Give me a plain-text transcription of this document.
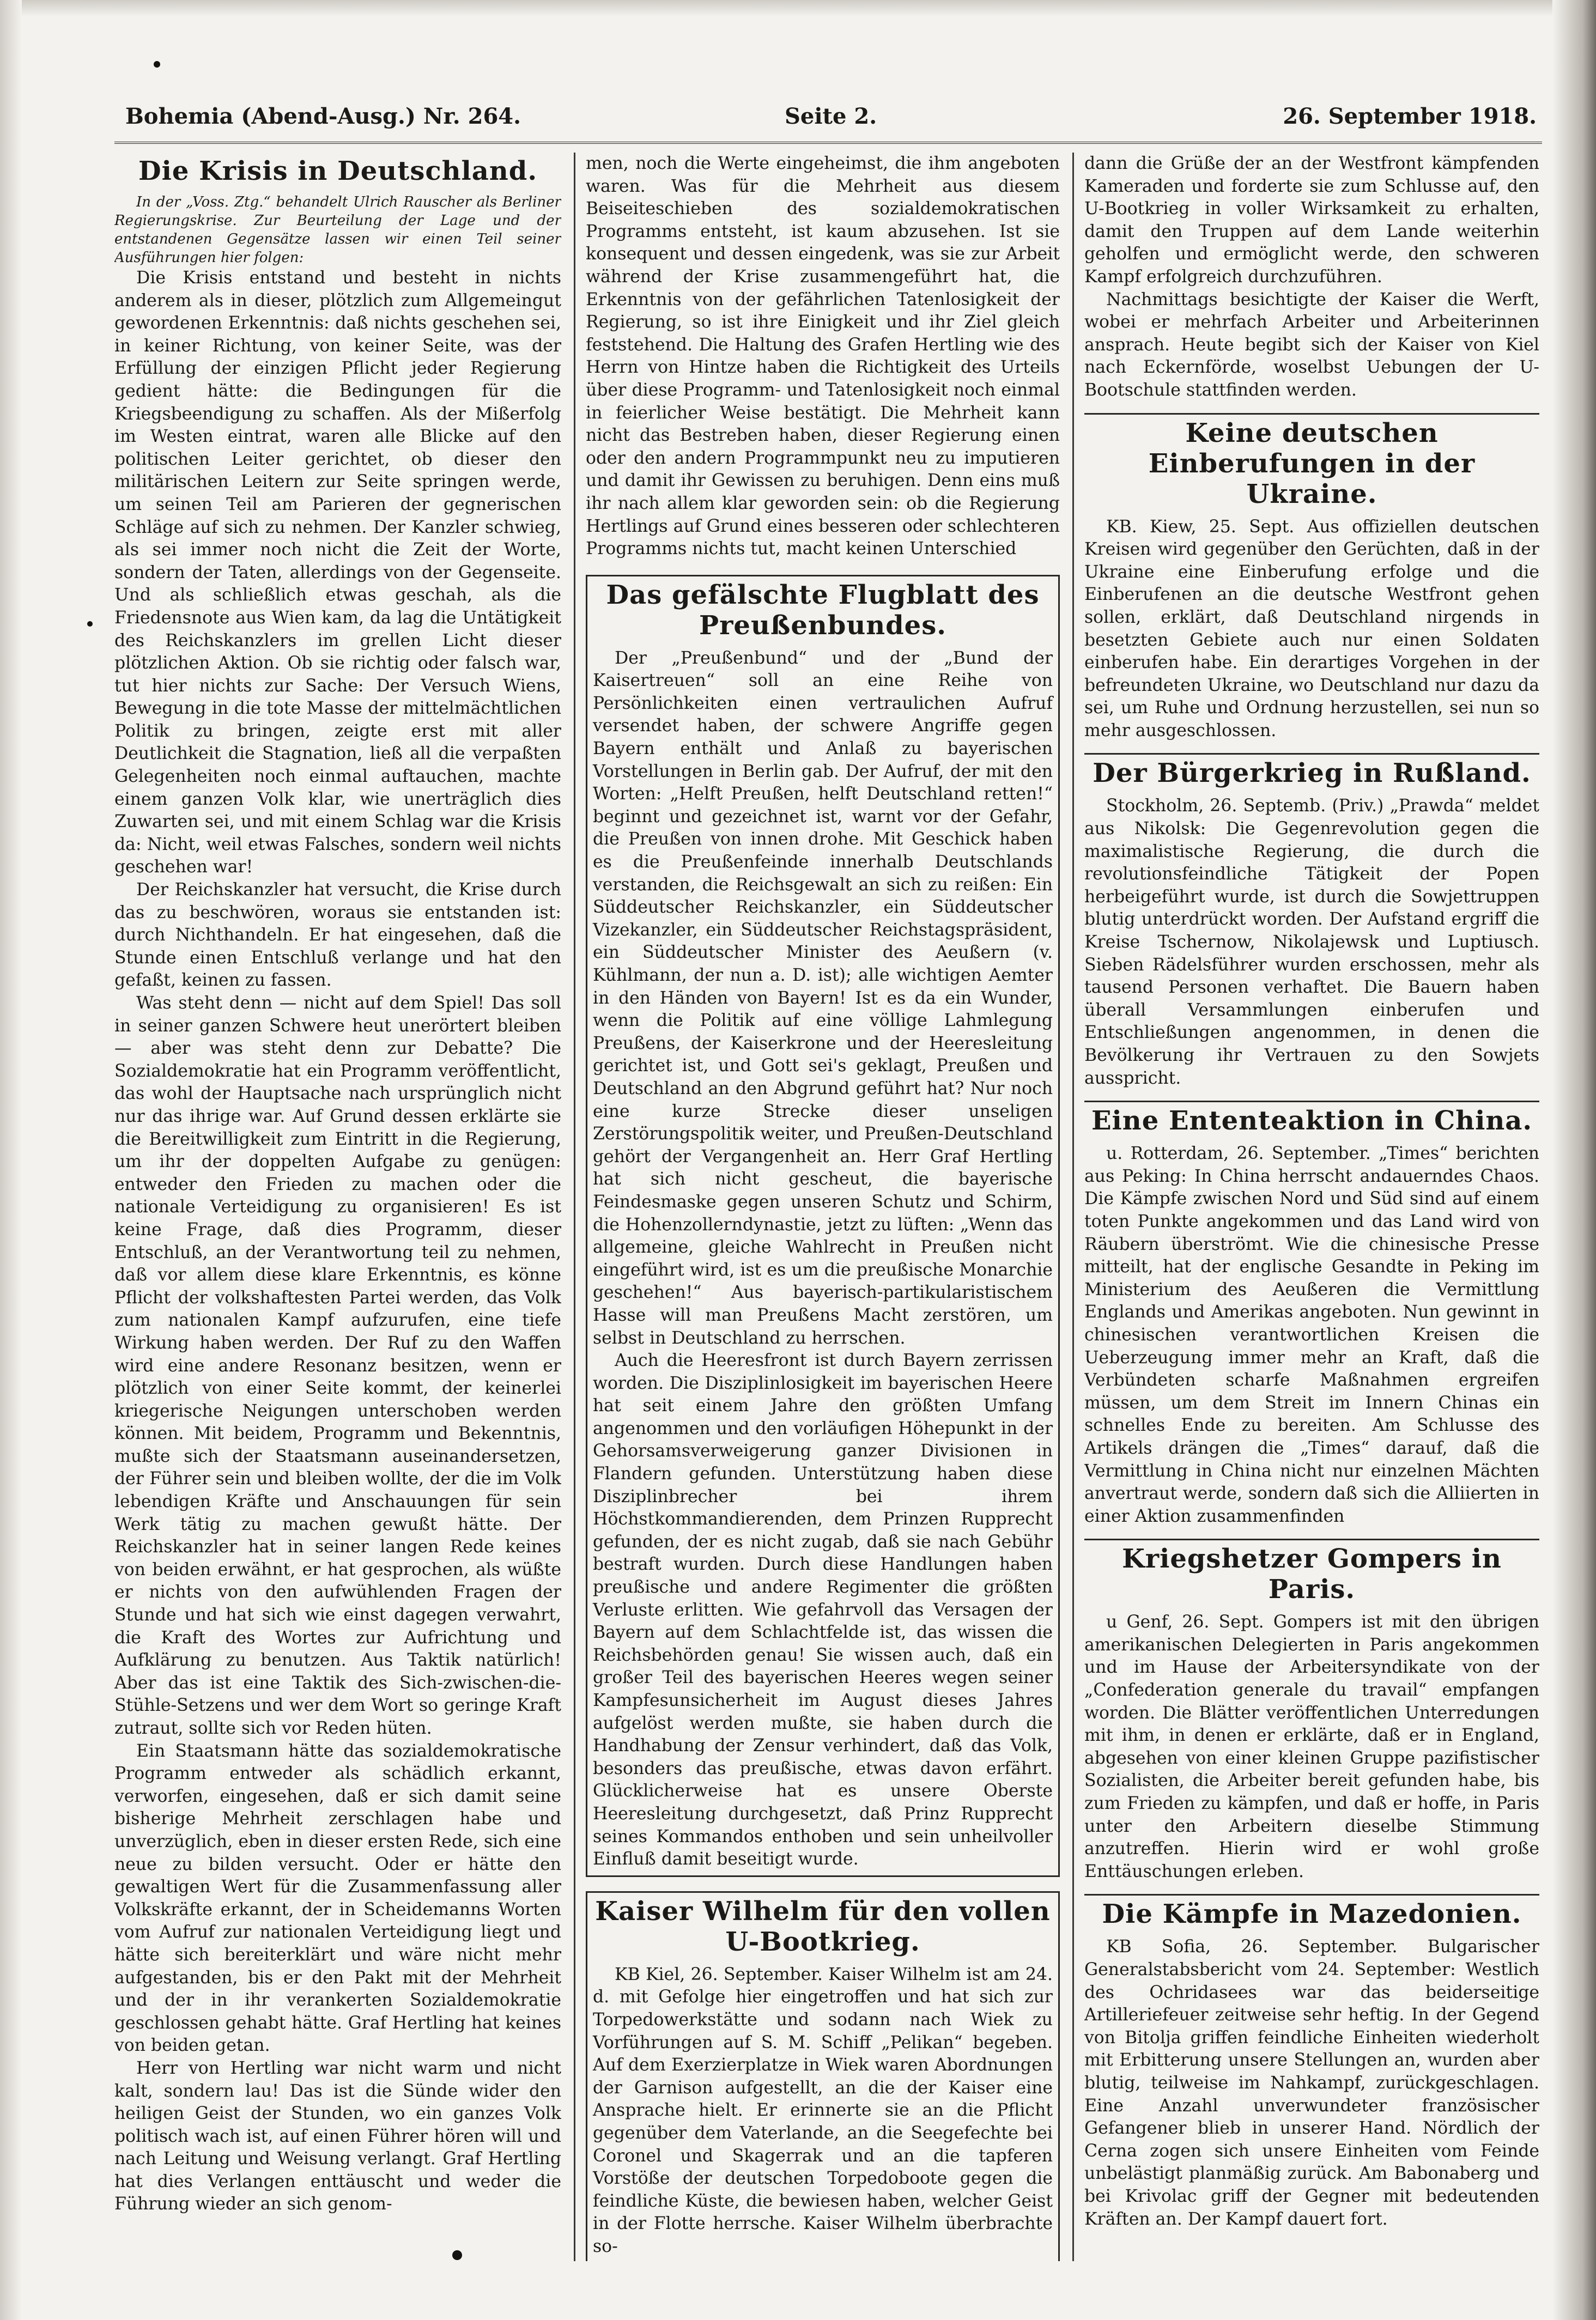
Bohemia (Abend-Ausg.) Nr. 264.	Seite 2.	26. September 1918.
Die Krisis in Deutschland.

In der „Voss. Ztg.“ behandelt Ulrich Rauscher als Berliner Regierungskrise. Zur Beurteilung der Lage und der entstandenen Gegensätze lassen wir einen Teil seiner Ausführungen hier folgen:

Die Krisis entstand und besteht in nichts anderem als in dieser, plötzlich zum Allgemeingut gewordenen Erkenntnis: daß nichts geschehen sei, in keiner Richtung, von keiner Seite, was der Erfüllung der einzigen Pflicht jeder Regierung gedient hätte: die Bedingungen für die Kriegsbeendigung zu schaffen. Als der Mißerfolg im Westen eintrat, waren alle Blicke auf den politischen Leiter gerichtet, ob dieser den militärischen Leitern zur Seite springen werde, um seinen Teil am Parieren der gegnerischen Schläge auf sich zu nehmen. Der Kanzler schwieg, als sei immer noch nicht die Zeit der Worte, sondern der Taten, allerdings von der Gegenseite. Und als schließlich etwas geschah, als die Friedensnote aus Wien kam, da lag die Untätigkeit des Reichskanzlers im grellen Licht dieser plötzlichen Aktion. Ob sie richtig oder falsch war, tut hier nichts zur Sache: Der Versuch Wiens, Bewegung in die tote Masse der mittelmächtlichen Politik zu bringen, zeigte erst mit aller Deutlichkeit die Stagnation, ließ all die verpaßten Gelegenheiten noch einmal auftauchen, machte einem ganzen Volk klar, wie unerträglich dies Zuwarten sei, und mit einem Schlag war die Krisis da: Nicht, weil etwas Falsches, sondern weil nichts geschehen war!

Der Reichskanzler hat versucht, die Krise durch das zu beschwören, woraus sie entstanden ist: durch Nichthandeln. Er hat eingesehen, daß die Stunde einen Entschluß verlange und hat den gefaßt, keinen zu fassen.

Was steht denn — nicht auf dem Spiel! Das soll in seiner ganzen Schwere heut unerörtert bleiben — aber was steht denn zur Debatte? Die Sozialdemokratie hat ein Programm veröffentlicht, das wohl der Hauptsache nach ursprünglich nicht nur das ihrige war. Auf Grund dessen erklärte sie die Bereitwilligkeit zum Eintritt in die Regierung, um ihr der doppelten Aufgabe zu genügen: entweder den Frieden zu machen oder die nationale Verteidigung zu organisieren! Es ist keine Frage, daß dies Programm, dieser Entschluß, an der Verantwortung teil zu nehmen, daß vor allem diese klare Erkenntnis, es könne Pflicht der volkshaftesten Partei werden, das Volk zum nationalen Kampf aufzurufen, eine tiefe Wirkung haben werden. Der Ruf zu den Waffen wird eine andere Resonanz besitzen, wenn er plötzlich von einer Seite kommt, der keinerlei kriegerische Neigungen unterschoben werden können. Mit beidem, Programm und Bekenntnis, mußte sich der Staatsmann auseinandersetzen, der Führer sein und bleiben wollte, der die im Volk lebendigen Kräfte und Anschauungen für sein Werk tätig zu machen gewußt hätte. Der Reichskanzler hat in seiner langen Rede keines von beiden erwähnt, er hat gesprochen, als wüßte er nichts von den aufwühlenden Fragen der Stunde und hat sich wie einst dagegen verwahrt, die Kraft des Wortes zur Aufrichtung und Aufklärung zu benutzen. Aus Taktik natürlich! Aber das ist eine Taktik des Sich-zwischen-die-Stühle-Setzens und wer dem Wort so geringe Kraft zutraut, sollte sich vor Reden hüten.

Ein Staatsmann hätte das sozialdemokratische Programm entweder als schädlich erkannt, verworfen, eingesehen, daß er sich damit seine bisherige Mehrheit zerschlagen habe und unverzüglich, eben in dieser ersten Rede, sich eine neue zu bilden versucht. Oder er hätte den gewaltigen Wert für die Zusammenfassung aller Volkskräfte erkannt, der in Scheidemanns Worten vom Aufruf zur nationalen Verteidigung liegt und hätte sich bereiterklärt und wäre nicht mehr aufgestanden, bis er den Pakt mit der Mehrheit und der in ihr verankerten Sozialdemokratie geschlossen gehabt hätte. Graf Hertling hat keines von beiden getan.

Herr von Hertling war nicht warm und nicht kalt, sondern lau! Das ist die Sünde wider den heiligen Geist der Stunden, wo ein ganzes Volk politisch wach ist, auf einen Führer hören will und nach Leitung und Weisung verlangt. Graf Hertling hat dies Verlangen enttäuscht und weder die Führung wieder an sich genom-

men, noch die Werte eingeheimst, die ihm angeboten waren. Was für die Mehrheit aus diesem Beiseiteschieben des sozialdemokratischen Programms entsteht, ist kaum abzusehen. Ist sie konsequent und dessen eingedenk, was sie zur Arbeit während der Krise zusammengeführt hat, die Erkenntnis von der gefährlichen Tatenlosigkeit der Regierung, so ist ihre Einigkeit und ihr Ziel gleich feststehend. Die Haltung des Grafen Hertling wie des Herrn von Hintze haben die Richtigkeit des Urteils über diese Programm- und Tatenlosigkeit noch einmal in feierlicher Weise bestätigt. Die Mehrheit kann nicht das Bestreben haben, dieser Regierung einen oder den andern Programmpunkt neu zu imputieren und damit ihr Gewissen zu beruhigen. Denn eins muß ihr nach allem klar geworden sein: ob die Regierung Hertlings auf Grund eines besseren oder schlechteren Programms nichts tut, macht keinen Unterschied

Das gefälschte Flugblatt des Preußenbundes.

Der „Preußenbund“ und der „Bund der Kaisertreuen“ soll an eine Reihe von Persönlichkeiten einen vertraulichen Aufruf versendet haben, der schwere Angriffe gegen Bayern enthält und Anlaß zu bayerischen Vorstellungen in Berlin gab. Der Aufruf, der mit den Worten: „Helft Preußen, helft Deutschland retten!“ beginnt und gezeichnet ist, warnt vor der Gefahr, die Preußen von innen drohe. Mit Geschick haben es die Preußenfeinde innerhalb Deutschlands verstanden, die Reichsgewalt an sich zu reißen: Ein Süddeutscher Reichskanzler, ein Süddeutscher Vizekanzler, ein Süddeutscher Reichstagspräsident, ein Süddeutscher Minister des Aeußern (v. Kühlmann, der nun a. D. ist); alle wichtigen Aemter in den Händen von Bayern! Ist es da ein Wunder, wenn die Politik auf eine völlige Lahmlegung Preußens, der Kaiserkrone und der Heeresleitung gerichtet ist, und Gott sei's geklagt, Preußen und Deutschland an den Abgrund geführt hat? Nur noch eine kurze Strecke dieser unseligen Zerstörungspolitik weiter, und Preußen-Deutschland gehört der Vergangenheit an. Herr Graf Hertling hat sich nicht gescheut, die bayerische Feindesmaske gegen unseren Schutz und Schirm, die Hohenzollerndynastie, jetzt zu lüften: „Wenn das allgemeine, gleiche Wahlrecht in Preußen nicht eingeführt wird, ist es um die preußische Monarchie geschehen!“ Aus bayerisch-partikularistischem Hasse will man Preußens Macht zerstören, um selbst in Deutschland zu herrschen.

Auch die Heeresfront ist durch Bayern zerrissen worden. Die Disziplinlosigkeit im bayerischen Heere hat seit einem Jahre den größten Umfang angenommen und den vorläufigen Höhepunkt in der Gehorsamsverweigerung ganzer Divisionen in Flandern gefunden. Unterstützung haben diese Disziplinbrecher bei ihrem Höchstkommandierenden, dem Prinzen Rupprecht gefunden, der es nicht zugab, daß sie nach Gebühr bestraft wurden. Durch diese Handlungen haben preußische und andere Regimenter die größten Verluste erlitten. Wie gefahrvoll das Versagen der Bayern auf dem Schlachtfelde ist, das wissen die Reichsbehörden genau! Sie wissen auch, daß ein großer Teil des bayerischen Heeres wegen seiner Kampfesunsicherheit im August dieses Jahres aufgelöst werden mußte, sie haben durch die Handhabung der Zensur verhindert, daß das Volk, besonders das preußische, etwas davon erfährt. Glücklicherweise hat es unsere Oberste Heeresleitung durchgesetzt, daß Prinz Rupprecht seines Kommandos enthoben und sein unheilvoller Einfluß damit beseitigt wurde.

Kaiser Wilhelm für den vollen U-Bootkrieg.

KB Kiel, 26. September. Kaiser Wilhelm ist am 24. d. mit Gefolge hier eingetroffen und hat sich zur Torpedowerkstätte und sodann nach Wiek zu Vorführungen auf S. M. Schiff „Pelikan“ begeben. Auf dem Exerzierplatze in Wiek waren Abordnungen der Garnison aufgestellt, an die der Kaiser eine Ansprache hielt. Er erinnerte sie an die Pflicht gegenüber dem Vaterlande, an die Seegefechte bei Coronel und Skagerrak und an die tapferen Vorstöße der deutschen Torpedoboote gegen die feindliche Küste, die bewiesen haben, welcher Geist in der Flotte herrsche. Kaiser Wilhelm überbrachte so-

dann die Grüße der an der Westfront kämpfenden Kameraden und forderte sie zum Schlusse auf, den U-Bootkrieg in voller Wirksamkeit zu erhalten, damit den Truppen auf dem Lande weiterhin geholfen und ermöglicht werde, den schweren Kampf erfolgreich durchzuführen.

Nachmittags besichtigte der Kaiser die Werft, wobei er mehrfach Arbeiter und Arbeiterinnen ansprach. Heute begibt sich der Kaiser von Kiel nach Eckernförde, woselbst Uebungen der U-Bootschule stattfinden werden.

Keine deutschen Einberufungen in der Ukraine.

KB. Kiew, 25. Sept. Aus offiziellen deutschen Kreisen wird gegenüber den Gerüchten, daß in der Ukraine eine Einberufung erfolge und die Einberufenen an die deutsche Westfront gehen sollen, erklärt, daß Deutschland nirgends in besetzten Gebiete auch nur einen Soldaten einberufen habe. Ein derartiges Vorgehen in der befreundeten Ukraine, wo Deutschland nur dazu da sei, um Ruhe und Ordnung herzustellen, sei nun so mehr ausgeschlossen.

Der Bürgerkrieg in Rußland.

Stockholm, 26. Septemb. (Priv.) „Prawda“ meldet aus Nikolsk: Die Gegenrevolution gegen die maximalistische Regierung, die durch die revolutionsfeindliche Tätigkeit der Popen herbeigeführt wurde, ist durch die Sowjettruppen blutig unterdrückt worden. Der Aufstand ergriff die Kreise Tschernow, Nikolajewsk und Luptiusch. Sieben Rädelsführer wurden erschossen, mehr als tausend Personen verhaftet. Die Bauern haben überall Versammlungen einberufen und Entschließungen angenommen, in denen die Bevölkerung ihr Vertrauen zu den Sowjets ausspricht.

Eine Ententeaktion in China.

u. Rotterdam, 26. September. „Times“ berichten aus Peking: In China herrscht andauerndes Chaos. Die Kämpfe zwischen Nord und Süd sind auf einem toten Punkte angekommen und das Land wird von Räubern überströmt. Wie die chinesische Presse mitteilt, hat der englische Gesandte in Peking im Ministerium des Aeußeren die Vermittlung Englands und Amerikas angeboten. Nun gewinnt in chinesischen verantwortlichen Kreisen die Ueberzeugung immer mehr an Kraft, daß die Verbündeten scharfe Maßnahmen ergreifen müssen, um dem Streit im Innern Chinas ein schnelles Ende zu bereiten. Am Schlusse des Artikels drängen die „Times“ darauf, daß die Vermittlung in China nicht nur einzelnen Mächten anvertraut werde, sondern daß sich die Alliierten in einer Aktion zusammenfinden

Kriegshetzer Gompers in Paris.

u Genf, 26. Sept. Gompers ist mit den übrigen amerikanischen Delegierten in Paris angekommen und im Hause der Arbeitersyndikate von der „Confederation generale du travail“ empfangen worden. Die Blätter veröffentlichen Unterredungen mit ihm, in denen er erklärte, daß er in England, abgesehen von einer kleinen Gruppe pazifistischer Sozialisten, die Arbeiter bereit gefunden habe, bis zum Frieden zu kämpfen, und daß er hoffe, in Paris unter den Arbeitern dieselbe Stimmung anzutreffen. Hierin wird er wohl große Enttäuschungen erleben.

Die Kämpfe in Mazedonien.

KB Sofia, 26. September. Bulgarischer Generalstabsbericht vom 24. September: Westlich des Ochridasees war das beiderseitige Artilleriefeuer zeitweise sehr heftig. In der Gegend von Bitolja griffen feindliche Einheiten wiederholt mit Erbitterung unsere Stellungen an, wurden aber blutig, teilweise im Nahkampf, zurückgeschlagen. Eine Anzahl unverwundeter französischer Gefangener blieb in unserer Hand. Nördlich der Cerna zogen sich unsere Einheiten vom Feinde unbelästigt planmäßig zurück. Am Babonaberg und bei Krivolac griff der Gegner mit bedeutenden Kräften an. Der Kampf dauert fort.
